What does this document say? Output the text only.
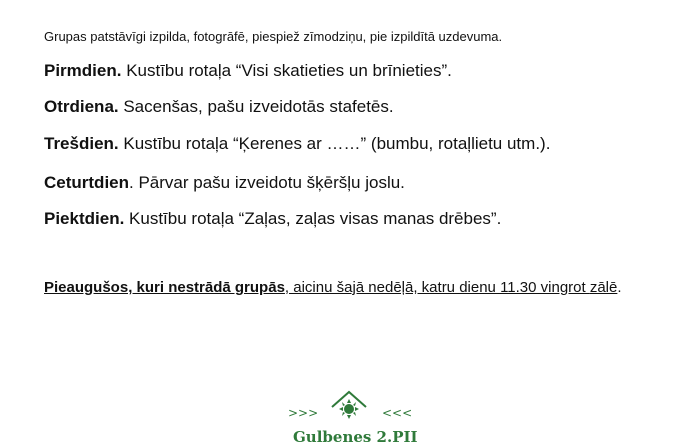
Grupas patstāvīgi izpilda, fotogrāfē, piespiež zīmodziņu, pie izpildītā uzdevuma.
Pirmdien. Kustību rotaļa “Visi skatieties un brīnieties”.
Otrdiena. Sacenšas, pašu izveidotās stafetēs.
Trešdien. Kustību rotaļa “Ķerenes ar ……” (bumbu, rotaļlietu utm.).
Ceturtdien. Pārvar pašu izveidotu šķēršļu joslu.
Piektdien. Kustību rotaļa “Zaļas, zaļas visas manas drēbes”.
Pieaugušos, kuri nestrādā grupās, aicinu šajā nedēļā, katru dienu 11.30 vingrot zālē.
>>>	<<<
Gulbenes 2.PII
